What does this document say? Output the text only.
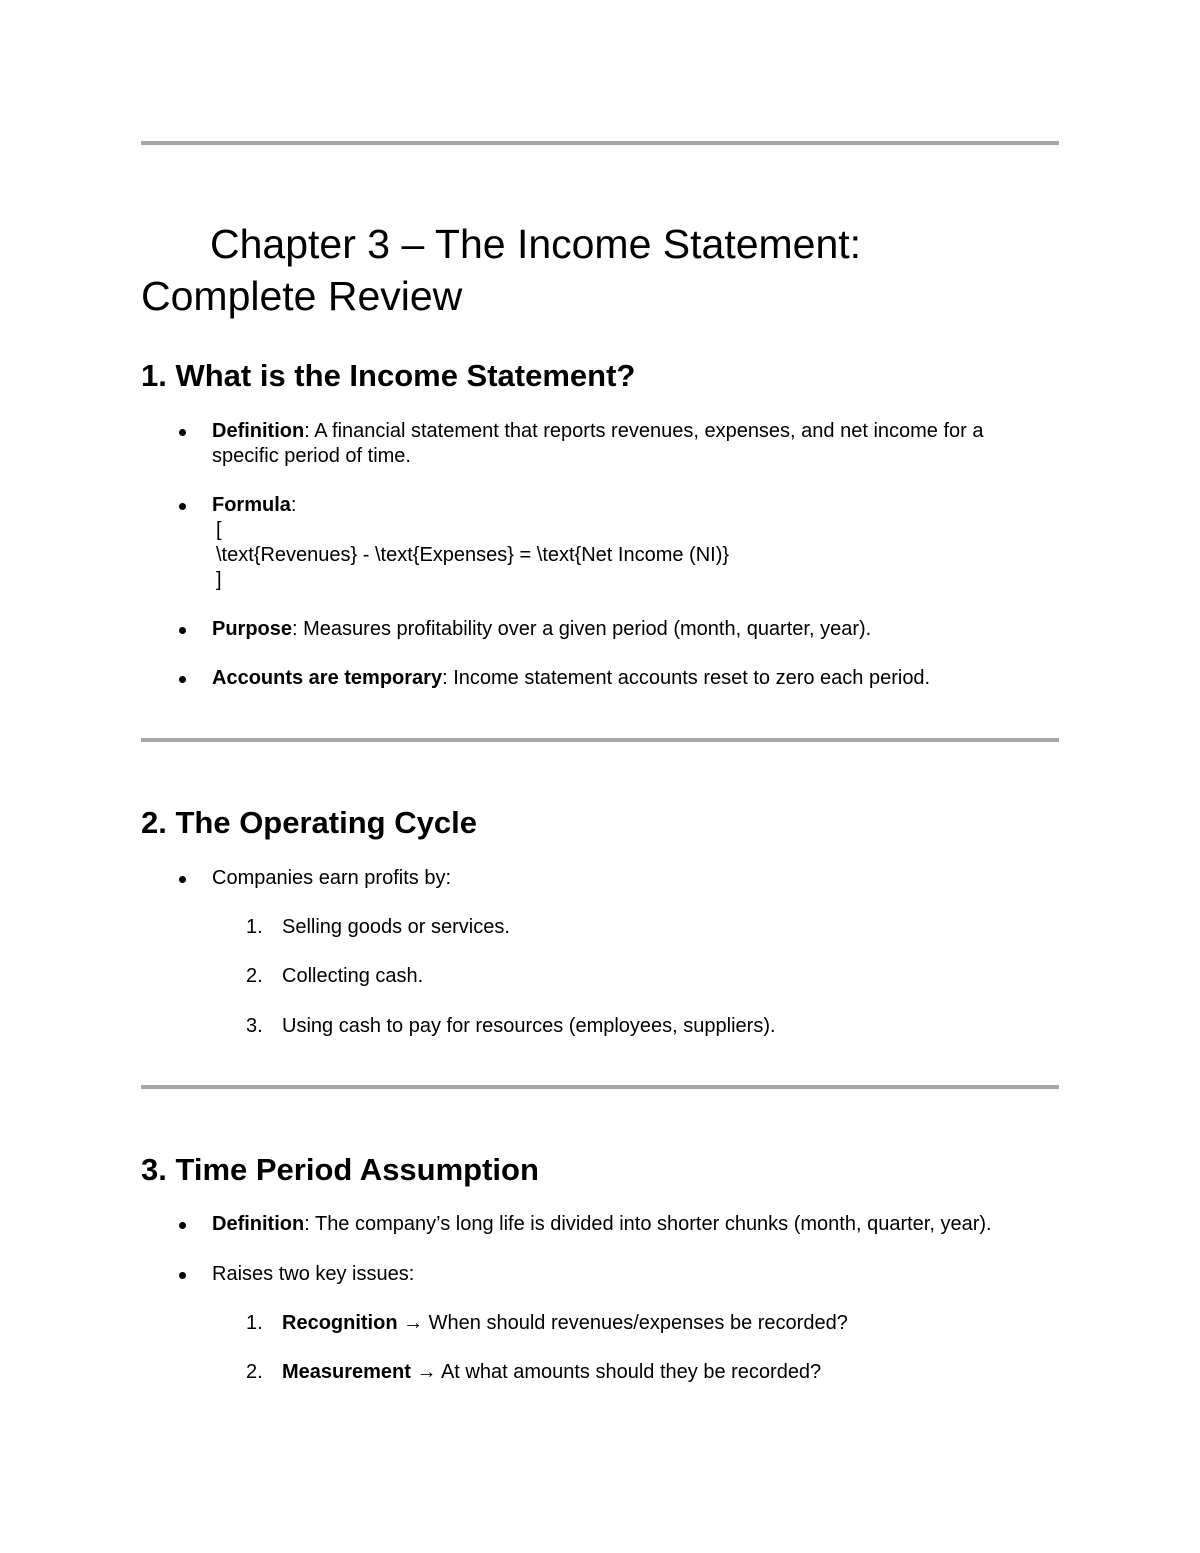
Chapter 3 – The Income Statement:
Complete Review
1. What is the Income Statement?
Definition: A financial statement that reports revenues, expenses, and net income for a
specific period of time.
Formula:
[
\text{Revenues} - \text{Expenses} = \text{Net Income (NI)}
]
Purpose: Measures profitability over a given period (month, quarter, year).
Accounts are temporary: Income statement accounts reset to zero each period.
2. The Operating Cycle
Companies earn profits by:
1. Selling goods or services.
2. Collecting cash.
3. Using cash to pay for resources (employees, suppliers).
3. Time Period Assumption
Definition: The company’s long life is divided into shorter chunks (month, quarter, year).
Raises two key issues:
1. Recognition → When should revenues/expenses be recorded?
2. Measurement → At what amounts should they be recorded?
